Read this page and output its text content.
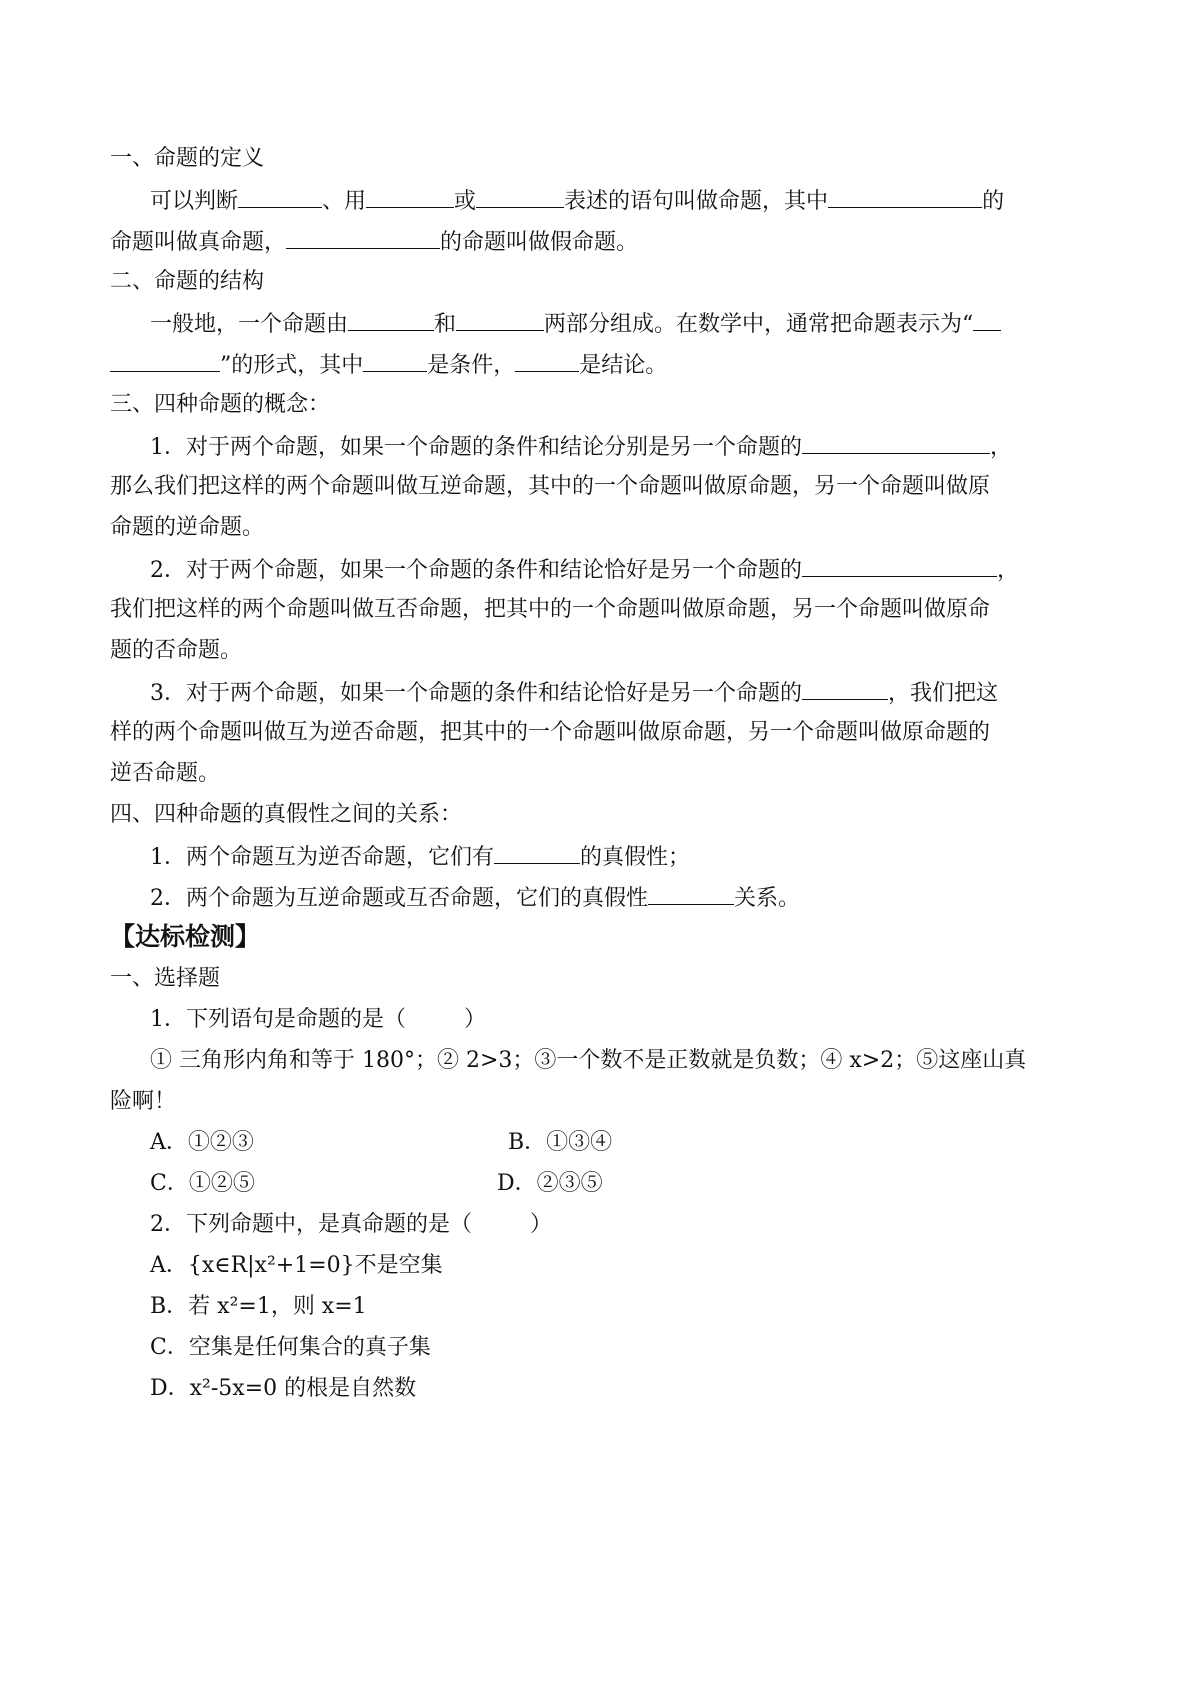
一、命题的定义
可以判断	、用	或	表述的语句叫做命题，其中	的
命题叫做真命题，	的命题叫做假命题。
二、命题的结构
一般地，一个命题由	和	两部分组成。在数学中，通常把命题表示为“
”的形式，其中	是条件，	是结论。
三、四种命题的概念：
1．对于两个命题，如果一个命题的条件和结论分别是另一个命题的	，
那么我们把这样的两个命题叫做互逆命题，其中的一个命题叫做原命题，另一个命题叫做原
命题的逆命题。
2．对于两个命题，如果一个命题的条件和结论恰好是另一个命题的	，
我们把这样的两个命题叫做互否命题，把其中的一个命题叫做原命题，另一个命题叫做原命
题的否命题。
3．对于两个命题，如果一个命题的条件和结论恰好是另一个命题的	，我们把这
样的两个命题叫做互为逆否命题，把其中的一个命题叫做原命题，另一个命题叫做原命题的
逆否命题。
四、四种命题的真假性之间的关系：
1．两个命题互为逆否命题，它们有	的真假性；
2．两个命题为互逆命题或互否命题，它们的真假性	关系。
【达标检测】
一、选择题
1．下列语句是命题的是（	）
① 三角形内角和等于 180°；② 2>3；③一个数不是正数就是负数；④ x>2；⑤这座山真
险啊！
A．①②③	B．①③④
C．①②⑤	D．②③⑤
2．下列命题中，是真命题的是（	）
A．{x∈R|x²+1=0}不是空集
B．若 x²=1，则 x=1
C．空集是任何集合的真子集
D．x²-5x=0 的根是自然数
